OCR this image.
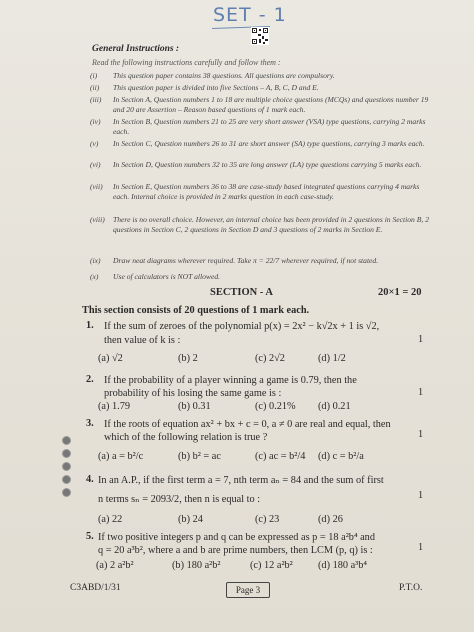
SET - 1
General Instructions :
Read the following instructions carefully and follow them :
(i) This question paper contains 38 questions. All questions are compulsory.
(ii) This question paper is divided into five Sections – A, B, C, D and E.
(iii) In Section A, Question numbers 1 to 18 are multiple choice questions (MCQs) and questions number 19 and 20 are Assertion – Reason based questions of 1 mark each.
(iv) In Section B, Question numbers 21 to 25 are very short answer (VSA) type questions, carrying 2 marks each.
(v) In Section C, Question numbers 26 to 31 are short answer (SA) type questions, carrying 3 marks each.
(vi) In Section D, Question numbers 32 to 35 are long answer (LA) type questions carrying 5 marks each.
(vii) In Section E, Question numbers 36 to 38 are case-study based integrated questions carrying 4 marks each. Internal choice is provided in 2 marks question in each case-study.
(viii) There is no overall choice. However, an internal choice has been provided in 2 questions in Section B, 2 questions in Section C, 2 questions in Section D and 3 questions of 2 marks in Section E.
(ix) Draw neat diagrams wherever required. Take π = 22/7 wherever required, if not stated.
(x) Use of calculators is NOT allowed.
SECTION - A	20×1 = 20
This section consists of 20 questions of 1 mark each.
1. If the sum of zeroes of the polynomial p(x) = 2x² − k√2x + 1 is √2,
then value of k is :	1
(a) √2	(b) 2	(c) 2√2	(d) 1/2
2. If the probability of a player winning a game is 0.79, then the
probability of his losing the same game is :	1
(a) 1.79	(b) 0.31	(c) 0.21% (d) 0.21
3. If the roots of equation ax² + bx + c = 0, a ≠ 0 are real and equal, then
which of the following relation is true ?	1
(a) a = b²/c	(b) b² = ac	(c) ac = b²/4 (d) c = b²/a
4. In an A.P., if the first term a = 7, nth term aₙ = 84 and the sum of first
n terms sₙ = 2093/2, then n is equal to :	1
(a) 22	(b) 24	(c) 23	(d) 26
5. If two positive integers p and q can be expressed as p = 18 a²b⁴ and
q = 20 a³b², where a and b are prime numbers, then LCM (p, q) is :	1
(a) 2 a²b²	(b) 180 a²b²	(c) 12 a²b² (d) 180 a³b⁴
C3ABD/1/31	Page 3	P.T.O.
